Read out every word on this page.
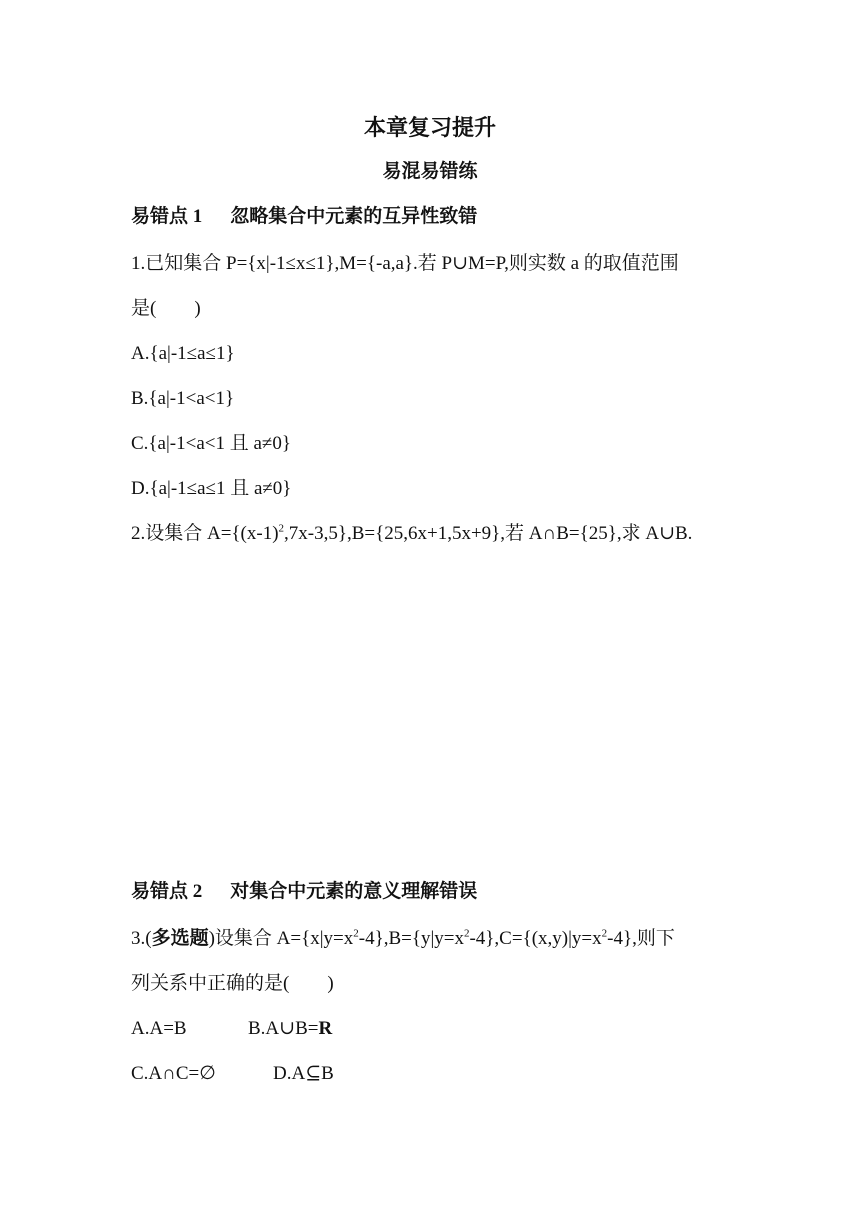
本章复习提升
易混易错练
易错点 1 忽略集合中元素的互异性致错
1.已知集合 P={x|-1≤x≤1},M={-a,a}.若 P∪M=P,则实数 a 的取值范围
是(　　)
A.{a|-1≤a≤1}
B.{a|-1<a<1}
C.{a|-1<a<1 且 a≠0}
D.{a|-1≤a≤1 且 a≠0}
2.设集合 $A=\{(x-1)^2,7x-3,5\},B=\{25,6x+1,5x+9\}$,若 A∩B={25},求 A∪B.
易错点 2 对集合中元素的意义理解错误
3.(多选题)设集合 $A=\{x|y=x^2-4\},B=\{y|y=x^2-4\},C=\{(x,y)|y=x^2-4\}$,则下
列关系中正确的是(　　)
A.A=B	B.A∪B=R
C.A∩C=∅	D.A⊆B
